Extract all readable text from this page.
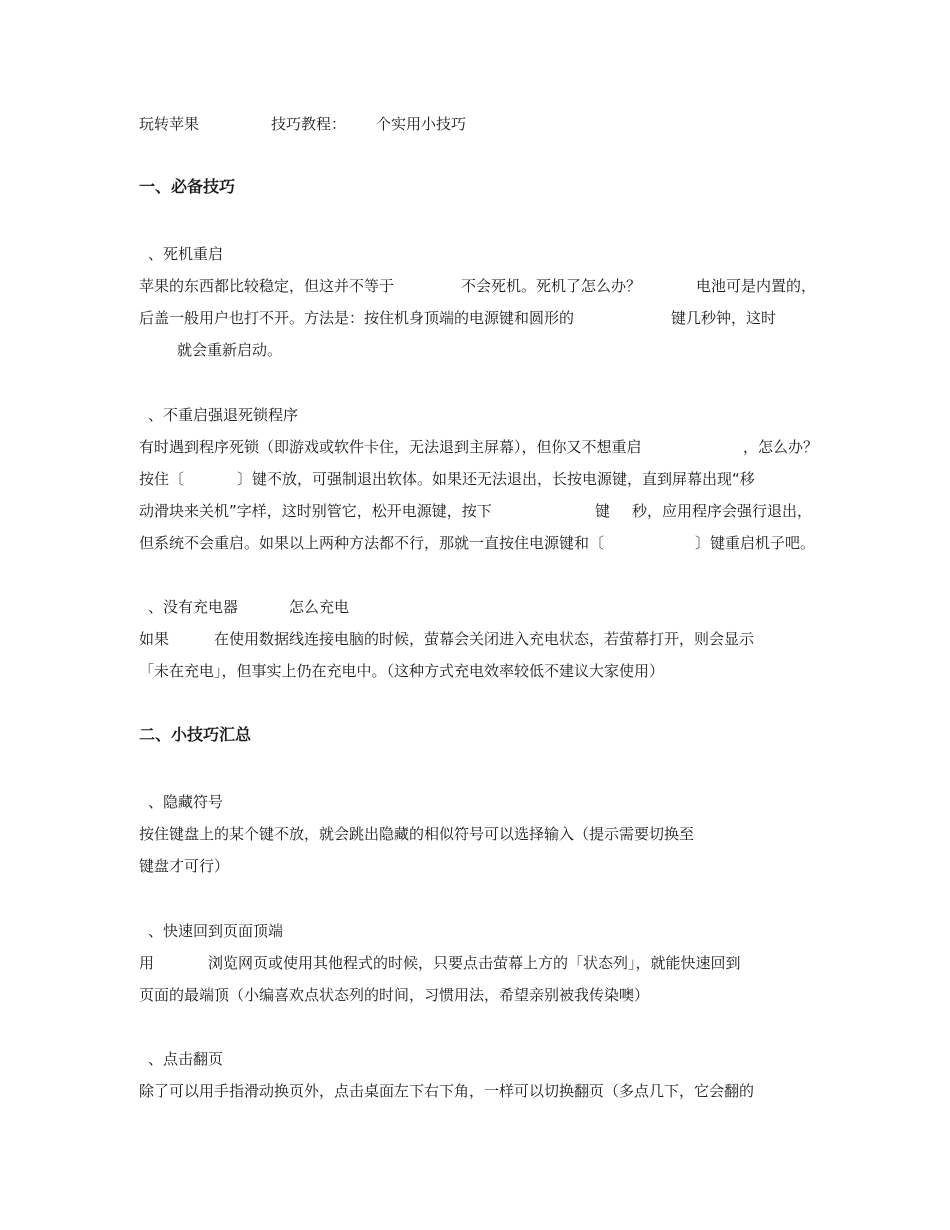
玩转苹果	技巧教程： 个实用小技巧
一、必备技巧
、死机重启
苹果的东西都比较稳定，但这并不等于	不会死机。死机了怎么办？	电池可是内置的，
后盖一般用户也打不开。方法是：按住机身顶端的电源键和圆形的	键几秒钟，这时
就会重新启动。
、不重启强退死锁程序
有时遇到程序死锁（即游戏或软件卡住，无法退到主屏幕），但你又不想重启	，怎么办？
按住〔	〕键不放，可强制退出软体。如果还无法退出，长按电源键，直到屏幕出现“移
动滑块来关机”字样，这时别管它，松开电源键，按下	键 秒，应用程序会强行退出，
但系统不会重启。如果以上两种方法都不行，那就一直按住电源键和〔	〕键重启机子吧。
、没有充电器	怎么充电
如果	在使用数据线连接电脑的时候，萤幕会关闭进入充电状态，若萤幕打开，则会显示
「未在充电」，但事实上仍在充电中。（这种方式充电效率较低不建议大家使用）
二、小技巧汇总
、隐藏符号
按住键盘上的某个键不放，就会跳出隐藏的相似符号可以选择输入（提示需要切换至
键盘才可行）
、快速回到页面顶端
用	浏览网页或使用其他程式的时候，只要点击萤幕上方的「状态列」，就能快速回到
页面的最端顶（小编喜欢点状态列的时间，习惯用法，希望亲别被我传染噢）
、点击翻页
除了可以用手指滑动换页外，点击桌面左下右下角，一样可以切换翻页（多点几下，它会翻的
